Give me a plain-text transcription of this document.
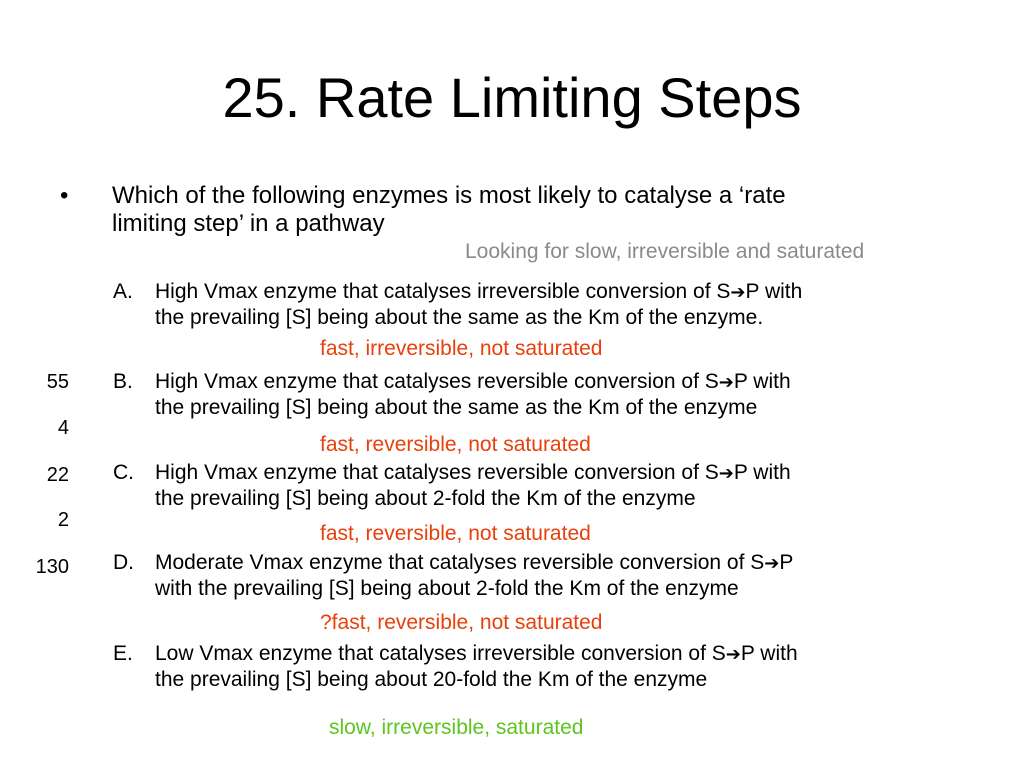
25. Rate Limiting Steps
• Which of the following enzymes is most likely to catalyse a ‘rate
limiting step’ in a pathway
Looking for slow, irreversible and saturated
A. High Vmax enzyme that catalyses irreversible conversion of S➔P with
the prevailing [S] being about the same as the Km of the enzyme.
fast, irreversible, not saturated
B. High Vmax enzyme that catalyses reversible conversion of S➔P with
the prevailing [S] being about the same as the Km of the enzyme
fast, reversible, not saturated
C. High Vmax enzyme that catalyses reversible conversion of S➔P with
the prevailing [S] being about 2-fold the Km of the enzyme
fast, reversible, not saturated
D. Moderate Vmax enzyme that catalyses reversible conversion of S➔P
with the prevailing [S] being about 2-fold the Km of the enzyme
?fast, reversible, not saturated
E. Low Vmax enzyme that catalyses irreversible conversion of S➔P with
the prevailing [S] being about 20-fold the Km of the enzyme
slow, irreversible, saturated
55
4
22
2
130
